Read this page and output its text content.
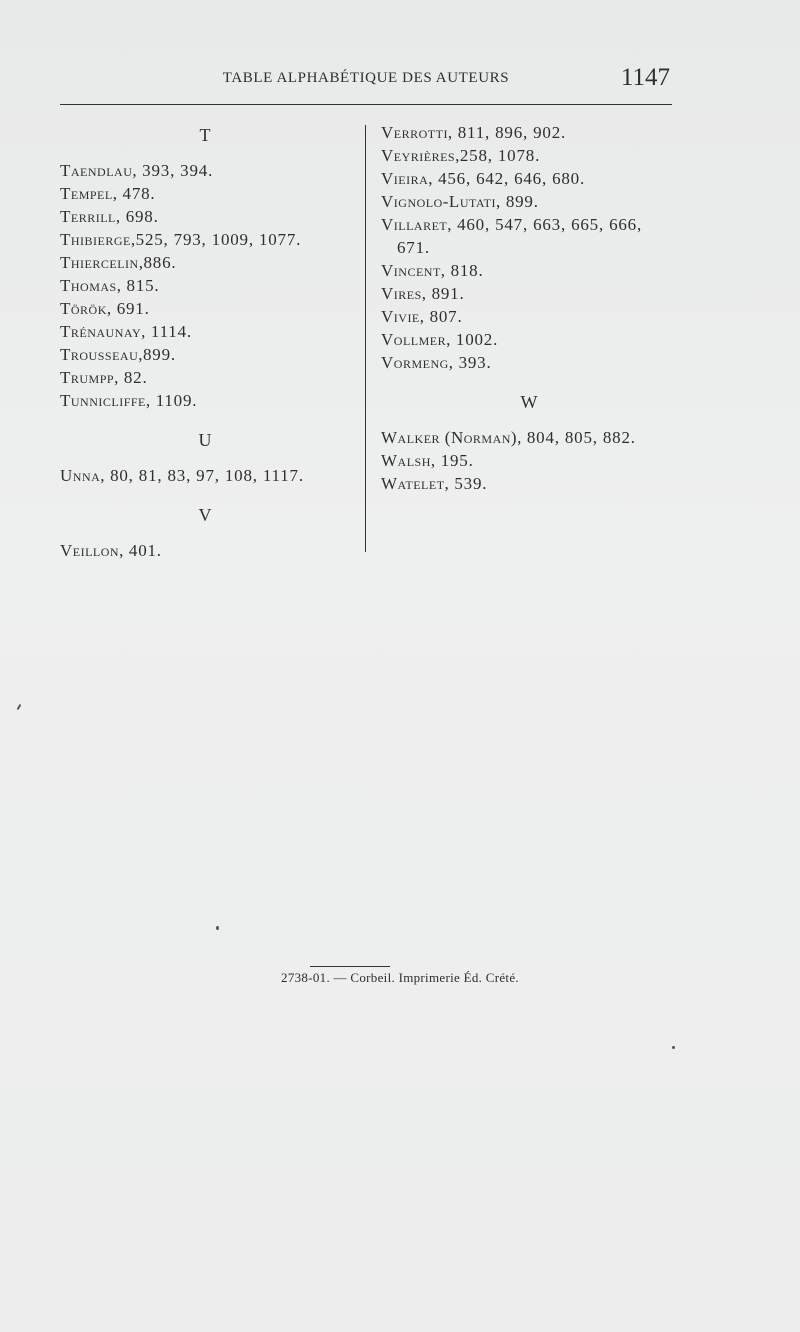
TABLE ALPHABÉTIQUE DES AUTEURS	1147
T
Taendlau, 393, 394.
Tempel, 478.
Terrill, 698.
Thibierge,525, 793, 1009, 1077.
Thiercelin,886.
Thomas, 815.
Török, 691.
Trénaunay, 1114.
Trousseau,899.
Trumpp, 82.
Tunnicliffe, 1109.
U
Unna, 80, 81, 83, 97, 108, 1117.
V
Veillon, 401.
Verrotti, 811, 896, 902.
Veyrières,258, 1078.
Vieira, 456, 642, 646, 680.
Vignolo-Lutati, 899.
Villaret, 460, 547, 663, 665, 666,
671.
Vincent, 818.
Vires, 891.
Vivie, 807.
Vollmer, 1002.
Vormeng, 393.
W
Walker (Norman), 804, 805, 882.
Walsh, 195.
Watelet, 539.
2738-01. — Corbeil. Imprimerie Éd. Crété.
